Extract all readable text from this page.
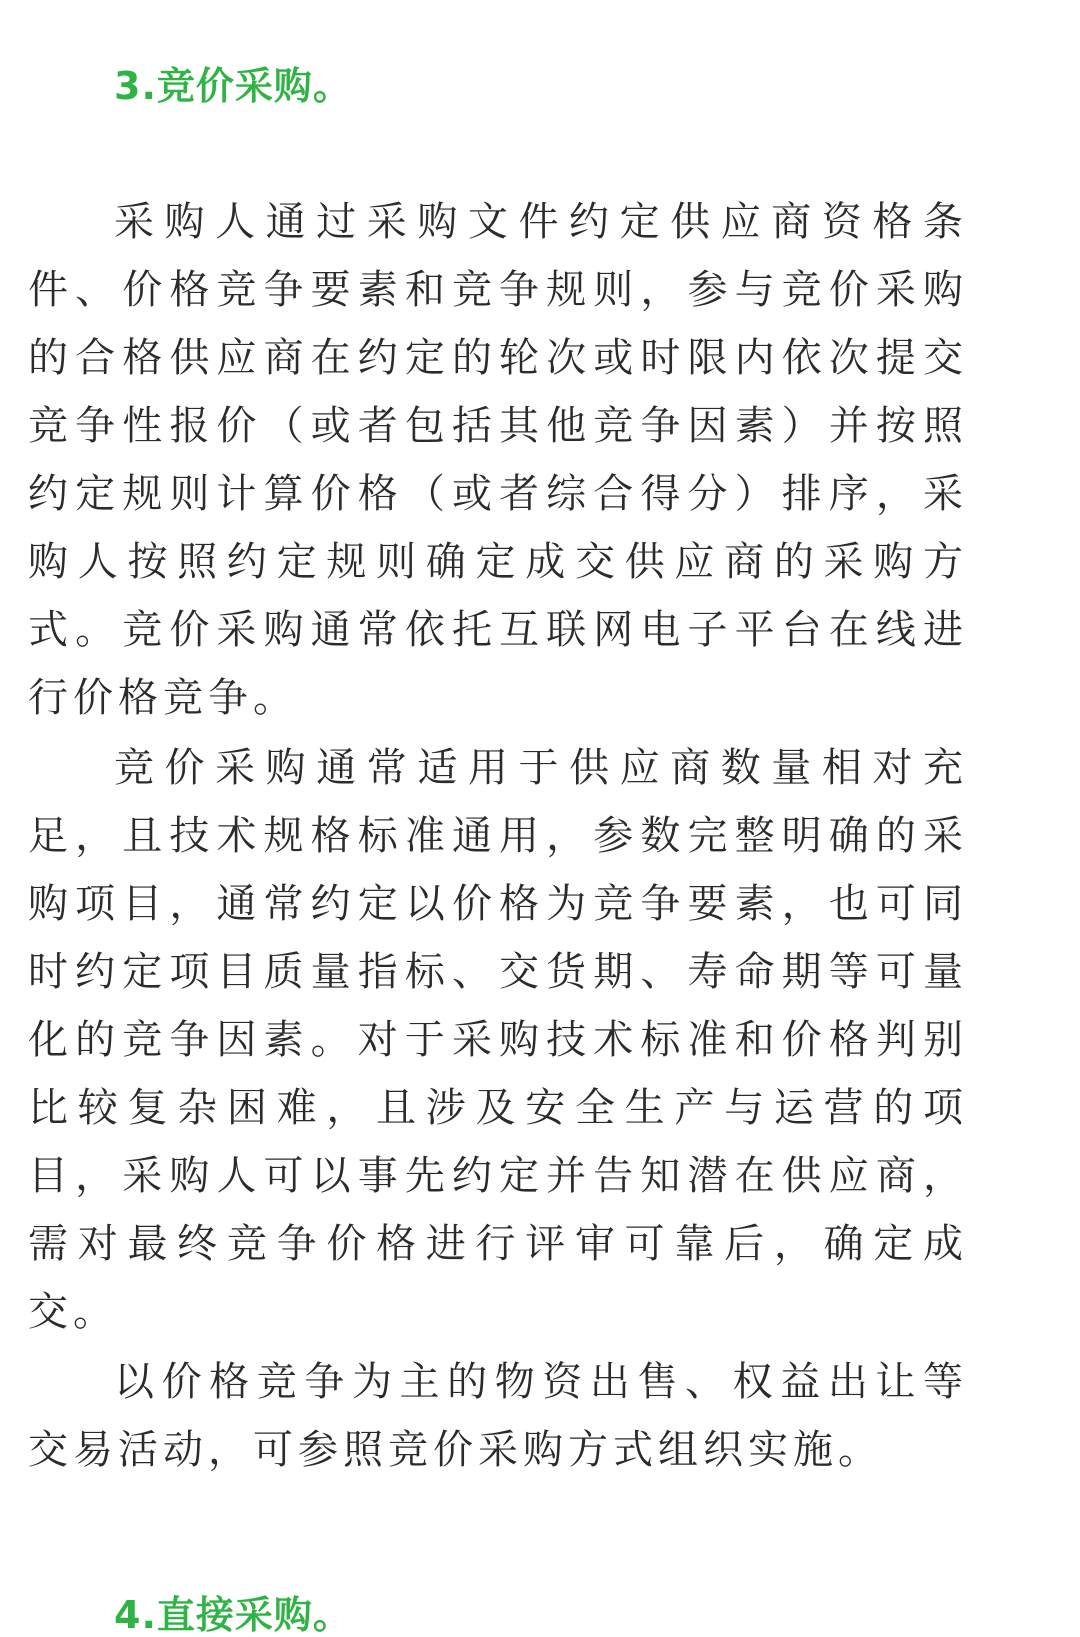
3.竞价采购。

采购人通过采购文件约定供应商资格条件、价格竞争要素和竞争规则，参与竞价采购的合格供应商在约定的轮次或时限内依次提交竞争性报价（或者包括其他竞争因素）并按照约定规则计算价格（或者综合得分）排序，采购人按照约定规则确定成交供应商的采购方式。竞价采购通常依托互联网电子平台在线进行价格竞争。

竞价采购通常适用于供应商数量相对充足，且技术规格标准通用，参数完整明确的采购项目，通常约定以价格为竞争要素，也可同时约定项目质量指标、交货期、寿命期等可量化的竞争因素。对于采购技术标准和价格判别比较复杂困难，且涉及安全生产与运营的项目，采购人可以事先约定并告知潜在供应商，需对最终竞争价格进行评审可靠后，确定成交。

以价格竞争为主的物资出售、权益出让等交易活动，可参照竞价采购方式组织实施。

4.直接采购。
